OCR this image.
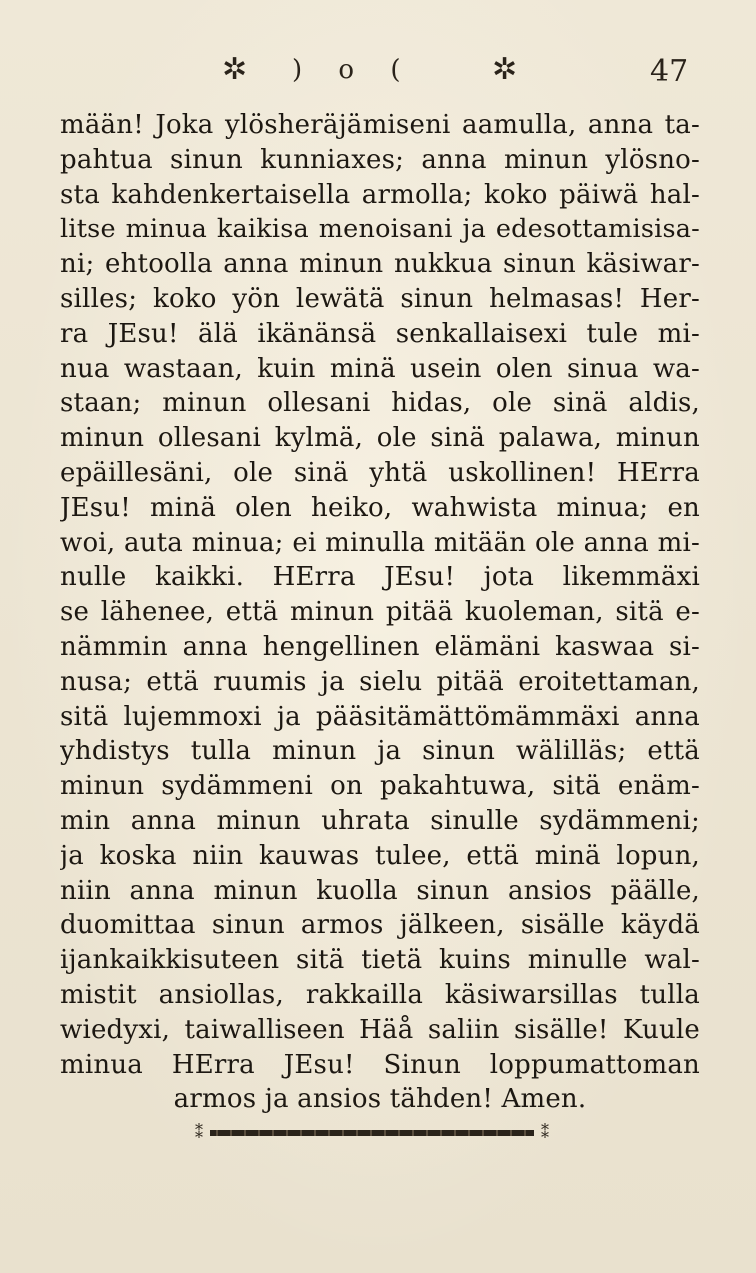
✲ ) o (	✲	47
mään! Joka ylösheräjämiseni aamulla, anna ta-
pahtua sinun kunniaxes; anna minun ylösno-
sta kahdenkertaisella armolla; koko päiwä hal-
litse minua kaikisa menoisani ja edesottamisisa-
ni; ehtoolla anna minun nukkua sinun käsiwar-
silles; koko yön lewätä sinun helmasas! Her-
ra JEsu! älä ikänänsä senkallaisexi tule mi-
nua wastaan, kuin minä usein olen sinua wa-
staan; minun ollesani hidas, ole sinä aldis,
minun ollesani kylmä, ole sinä palawa, minun
epäillesäni, ole sinä yhtä uskollinen! HErra
JEsu! minä olen heiko, wahwista minua; en
woi, auta minua; ei minulla mitään ole anna mi-
nulle kaikki. HErra JEsu! jota likemmäxi
se lähenee, että minun pitää kuoleman, sitä e-
nämmin anna hengellinen elämäni kaswaa si-
nusa; että ruumis ja sielu pitää eroitettaman,
sitä lujemmoxi ja pääsitämättömämmäxi anna
yhdistys tulla minun ja sinun wälilläs; että
minun sydämmeni on pakahtuwa, sitä enäm-
min anna minun uhrata sinulle sydämmeni;
ja koska niin kauwas tulee, että minä lopun,
niin anna minun kuolla sinun ansios päälle,
duomittaa sinun armos jälkeen, sisälle käydä
ijankaikkisuteen sitä tietä kuins minulle wal-
mistit ansiollas, rakkailla käsiwarsillas tulla
wiedyxi, taiwalliseen Häå saliin sisälle! Kuule
minua HErra JEsu! Sinun loppumattoman
armos ja ansios tähden! Amen.
⁑	⁑
